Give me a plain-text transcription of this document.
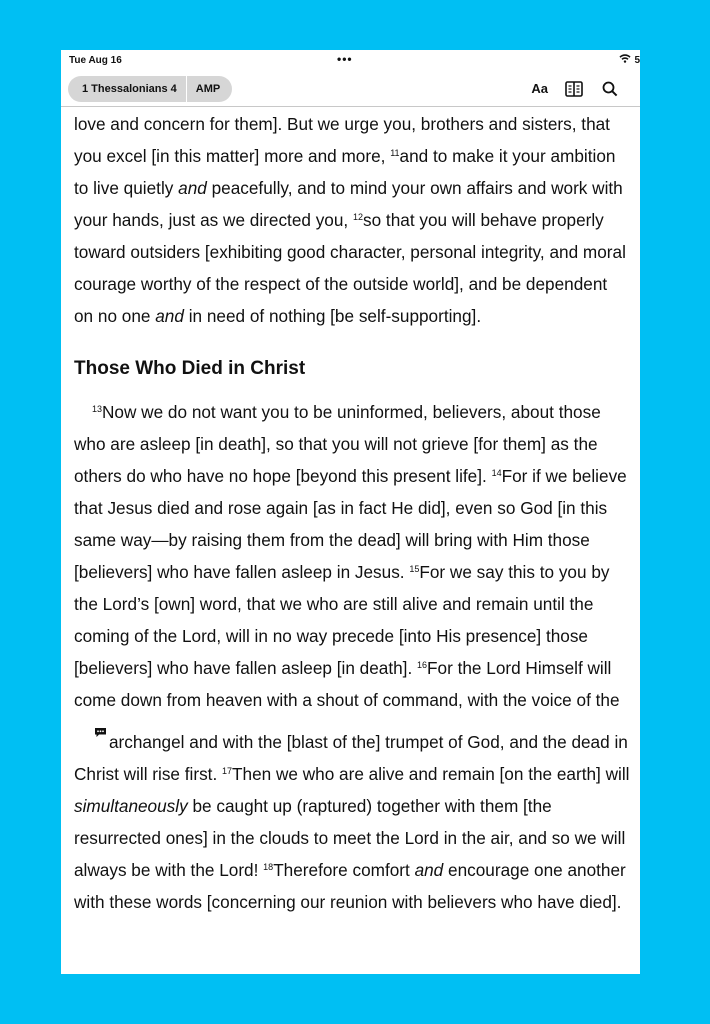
Tue Aug 16	•••	5
1 Thessalonians 4	AMP	Aa

love and concern for them]. But we urge you, brothers and sisters, that you excel [in this matter] more and more, $^{11}$and to make it your ambition to live quietly and peacefully, and to mind your own affairs and work with your hands, just as we directed you, $^{12}$so that you will behave properly toward outsiders [exhibiting good character, personal integrity, and moral courage worthy of the respect of the outside world], and be dependent on no one and in need of nothing [be self-supporting].

Those Who Died in Christ

$^{13}$Now we do not want you to be uninformed, believers, about those who are asleep [in death], so that you will not grieve [for them] as the others do who have no hope [beyond this present life]. $^{14}$For if we believe that Jesus died and rose again [as in fact He did], even so God [in this same way—by raising them from the dead] will bring with Him those [believers] who have fallen asleep in Jesus. $^{15}$For we say this to you by the Lord’s [own] word, that we who are still alive and remain until the coming of the Lord, will in no way precede [into His presence] those [believers] who have fallen asleep [in death]. $^{16}$For the Lord Himself will come down from heaven with a shout of command, with the voice of thearchangel and with the [blast of the] trumpet of God, and the dead in Christ will rise first. $^{17}$Then we who are alive and remain [on the earth] will simultaneously be caught up (raptured) together with them [the resurrected ones] in the clouds to meet the Lord in the air, and so we will always be with the Lord! $^{18}$Therefore comfort and encourage one another with these words [concerning our reunion with believers who have died].
